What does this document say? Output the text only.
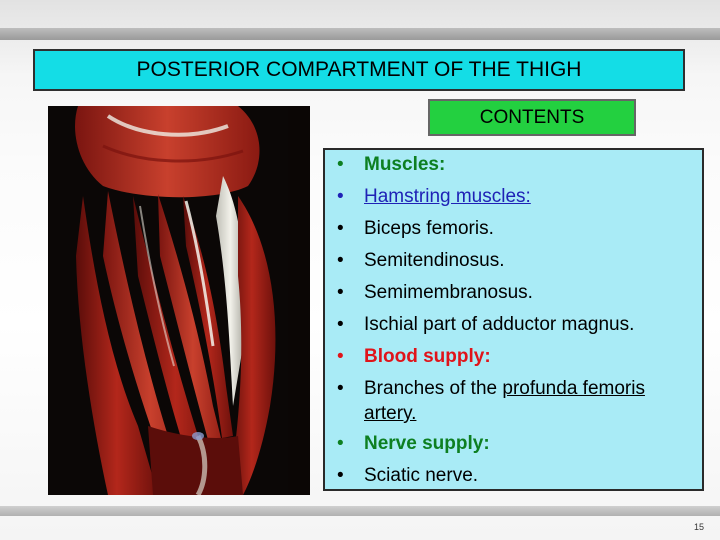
POSTERIOR COMPARTMENT OF THE THIGH
CONTENTS
•	Muscles:
•	Hamstring muscles:
•	Biceps femoris.
•	Semitendinosus.
•	Semimembranosus.
•	Ischial part of adductor magnus.
•	Blood supply:
•	Branches of the profunda femoris artery.
•	Nerve supply:
•	Sciatic nerve.
15
